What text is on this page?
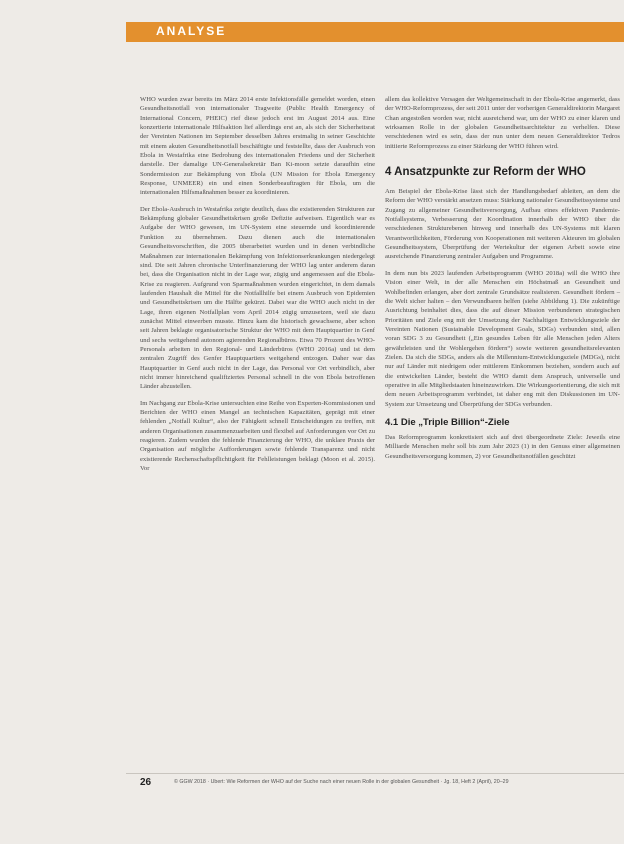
ANALYSE

WHO wurden zwar bereits im März 2014 erste Infektionsfälle gemeldet worden, einen Gesundheitsnotfall von internationaler Tragweite (Public Health Emergency of International Concern, PHEIC) rief diese jedoch erst im August 2014 aus. Eine konzertierte internationale Hilfsaktion lief allerdings erst an, als sich der Sicherheitsrat der Vereinten Nationen im September desselben Jahres erstmalig in seiner Geschichte mit einem akuten Gesundheitsnotfall beschäftigte und feststellte, dass der Ausbruch von Ebola in Westafrika eine Bedrohung des internationalen Friedens und der Sicherheit darstelle. Der damalige UN-Generalsekretär Ban Ki-moon setzte daraufhin eine Sondermission zur Bekämpfung von Ebola (UN Mission for Ebola Emergency Response, UNMEER) ein und einen Sonderbeauftragten für Ebola, um die internationalen Hilfsmaßnahmen besser zu koordinieren.

Der Ebola-Ausbruch in Westafrika zeigte deutlich, dass die existierenden Strukturen zur Bekämpfung globaler Gesundheitskrisen große Defizite aufweisen. Eigentlich war es Aufgabe der WHO gewesen, im UN-System eine steuernde und koordinierende Funktion zu übernehmen. Dazu dienen auch die internationalen Gesundheitsvorschriften, die 2005 überarbeitet wurden und in denen verbindliche Maßnahmen zur internationalen Bekämpfung von Infektionserkrankungen niedergelegt sind. Die seit Jahren chronische Unterfinanzierung der WHO lag unter anderem daran bei, dass die Organisation nicht in der Lage war, zügig und angemessen auf die Ebola-Krise zu reagieren. Aufgrund von Sparmaßnahmen wurden eingerichtet, in dem damals laufenden Haushalt die Mittel für die Notfallhilfe bei einem Ausbruch von Epidemien und Gesundheitskrisen um die Hälfte gekürzt. Dabei war die WHO auch nicht in der Lage, ihren eigenen Notfallplan vom April 2014 zügig umzusetzen, weil sie dazu zunächst Mittel einwerben musste. Hinzu kam die historisch gewachsene, aber schon seit Jahren beklagte organisatorische Struktur der WHO mit dem Hauptquartier in Genf und sechs weitgehend autonom agierenden Regionalbüros. Etwa 70 Prozent des WHO-Personals arbeiten in den Regional- und Länderbüros (WHO 2016a) und ist dem zentralen Zugriff des Genfer Hauptquartiers weitgehend entzogen. Daher war das Hauptquartier in Genf auch nicht in der Lage, das Personal vor Ort verbindlich, aber nicht immer hinreichend qualifiziertes Personal schnell in die von Ebola betroffenen Länder abzustellen.

Im Nachgang zur Ebola-Krise untersuchten eine Reihe von Experten-Kommissionen und Berichten der WHO einen Mangel an technischen Kapazitäten, geprägt mit einer fehlenden „Notfall Kultur“, also der Fähigkeit schnell Entscheidungen zu treffen, mit anderen Organisationen zusammenzuarbeiten und flexibel auf Anforderungen vor Ort zu reagieren. Zudem wurden die fehlende Finanzierung der WHO, die unklare Praxis der Organisation auf mögliche Aufforderungen sowie fehlende Transparenz und nicht existierende Rechenschaftspflichtigkeit für Fehlleistungen beklagt (Moon et al. 2015). Vor

allem das kollektive Versagen der Weltgemeinschaft in der Ebola-Krise angemerkt, dass der WHO-Reformprozess, der seit 2011 unter der vorherigen Generaldirektorin Margaret Chan angestoßen worden war, nicht ausreichend war, um der WHO zu einer klaren und wirksamen Rolle in der globalen Gesundheitsarchitektur zu verhelfen. Diese verschiedenen wird es sein, dass der nun unter dem neuen Generaldirektor Tedros initiierte Reformprozess zu einer Stärkung der WHO führen wird.

4 Ansatzpunkte zur Reform der WHO

Am Beispiel der Ebola-Krise lässt sich der Handlungsbedarf ableiten, an dem die Reform der WHO verstärkt ansetzen muss: Stärkung nationaler Gesundheitssysteme und Zugang zu allgemeiner Gesundheitsversorgung, Aufbau eines effektiven Pandemie-Notfallsystems, Verbesserung der Koordination innerhalb der WHO über die verschiedenen Strukturebenen hinweg und innerhalb des UN-Systems mit klaren Verantwortlichkeiten, Förderung von Kooperationen mit weiteren Akteuren im globalen Gesundheitssystem, Überprüfung der Wertekultur der eigenen Arbeit sowie eine ausreichende Finanzierung zentraler Aufgaben und Programme.

In dem nun bis 2023 laufenden Arbeitsprogramm (WHO 2018a) will die WHO ihre Vision einer Welt, in der alle Menschen ein Höchstmaß an Gesundheit und Wohlbefinden erlangen, aber dort zentrale Grundsätze realisieren. Gesundheit fördern – die Welt sicher halten – den Verwundbaren helfen (siehe Abbildung 1). Die zukünftige Ausrichtung beinhaltet dies, dass die auf dieser Mission verbundenen strategischen Prioritäten und Ziele eng mit der Umsetzung der Nachhaltigen Entwicklungsziele der Vereinten Nationen (Sustainable Development Goals, SDGs) verbunden sind, allen voran SDG 3 zu Gesundheit („Ein gesundes Leben für alle Menschen jeden Alters gewährleisten und ihr Wohlergehen fördern“) sowie weiteren gesundheitsrelevanten Zielen. Da sich die SDGs, anders als die Millennium-Entwicklungsziele (MDGs), nicht nur auf Länder mit niedrigem oder mittlerem Einkommen beziehen, sondern auch auf die entwickelten Länder, besteht die WHO damit dem Anspruch, universelle und operative in alle Mitgliedstaaten hineinzuwirken. Die Wirkungsorientierung, die sich mit dem neuen Arbeitsprogramm verbindet, ist daher eng mit den Diskussionen im UN-System zur Umsetzung und Überprüfung der SDGs verbunden.

4.1 Die „Triple Billion“-Ziele

Das Reformprogramm konkretisiert sich auf drei übergeordnete Ziele: Jeweils eine Milliarde Menschen mehr soll bis zum Jahr 2023 (1) in den Genuss einer allgemeinen Gesundheitsversorgung kommen, 2) vor Gesundheitsnotfällen geschützt

26	© GGW 2018 · Ubert: Wie Reformen der WHO auf der Suche nach einer neuen Rolle in der globalen Gesundheit · Jg. 18, Heft 2 (April), 20–29
